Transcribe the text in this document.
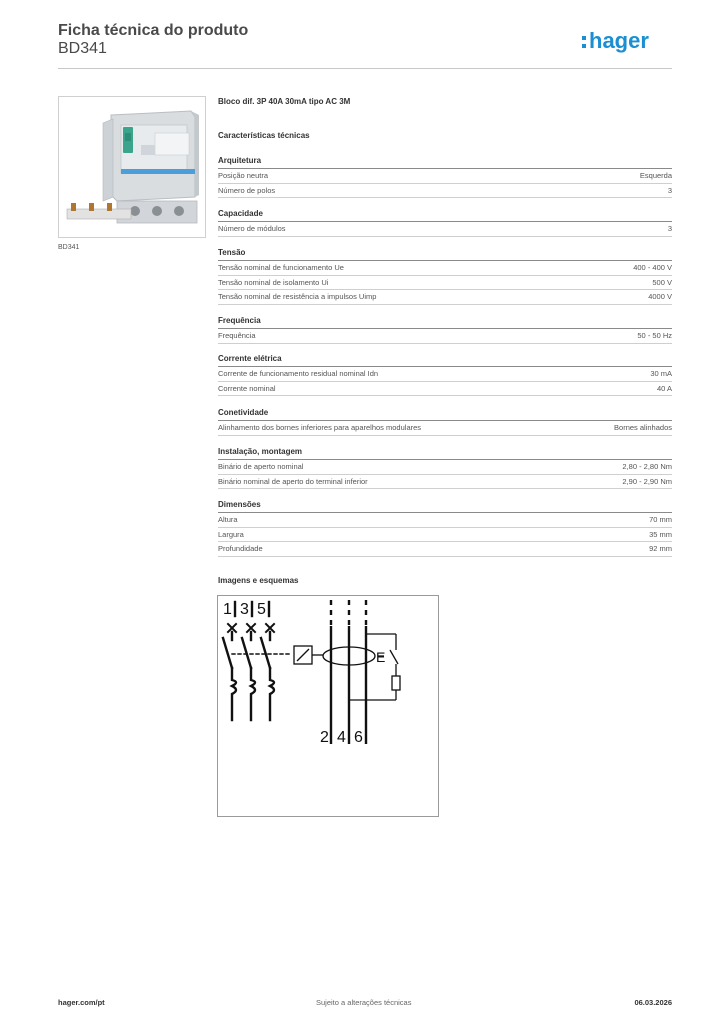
Ficha técnica do produto
BD341	hager
BD341
Bloco dif. 3P 40A 30mA tipo AC 3M
Características técnicas
Arquitetura
Posição neutra	Esquerda
Número de polos	3
Capacidade
Número de módulos	3
Tensão
Tensão nominal de funcionamento Ue	400 - 400 V
Tensão nominal de isolamento Ui	500 V
Tensão nominal de resistência a impulsos Uimp	4000 V
Frequência
Frequência	50 - 50 Hz
Corrente elétrica
Corrente de funcionamento residual nominal Idn	30 mA
Corrente nominal	40 A
Conetividade
Alinhamento dos bornes inferiores para aparelhos modulares	Bornes alinhados
Instalação, montagem
Binário de aperto nominal	2,80 - 2,80 Nm
Binário nominal de aperto do terminal inferior	2,90 - 2,90 Nm
Dimensões
Altura	70 mm
Largura	35 mm
Profundidade	92 mm
Imagens e esquemas
E
1 3 5
2 4 6
hager.com/pt	Sujeito a alterações técnicas	06.03.2026
